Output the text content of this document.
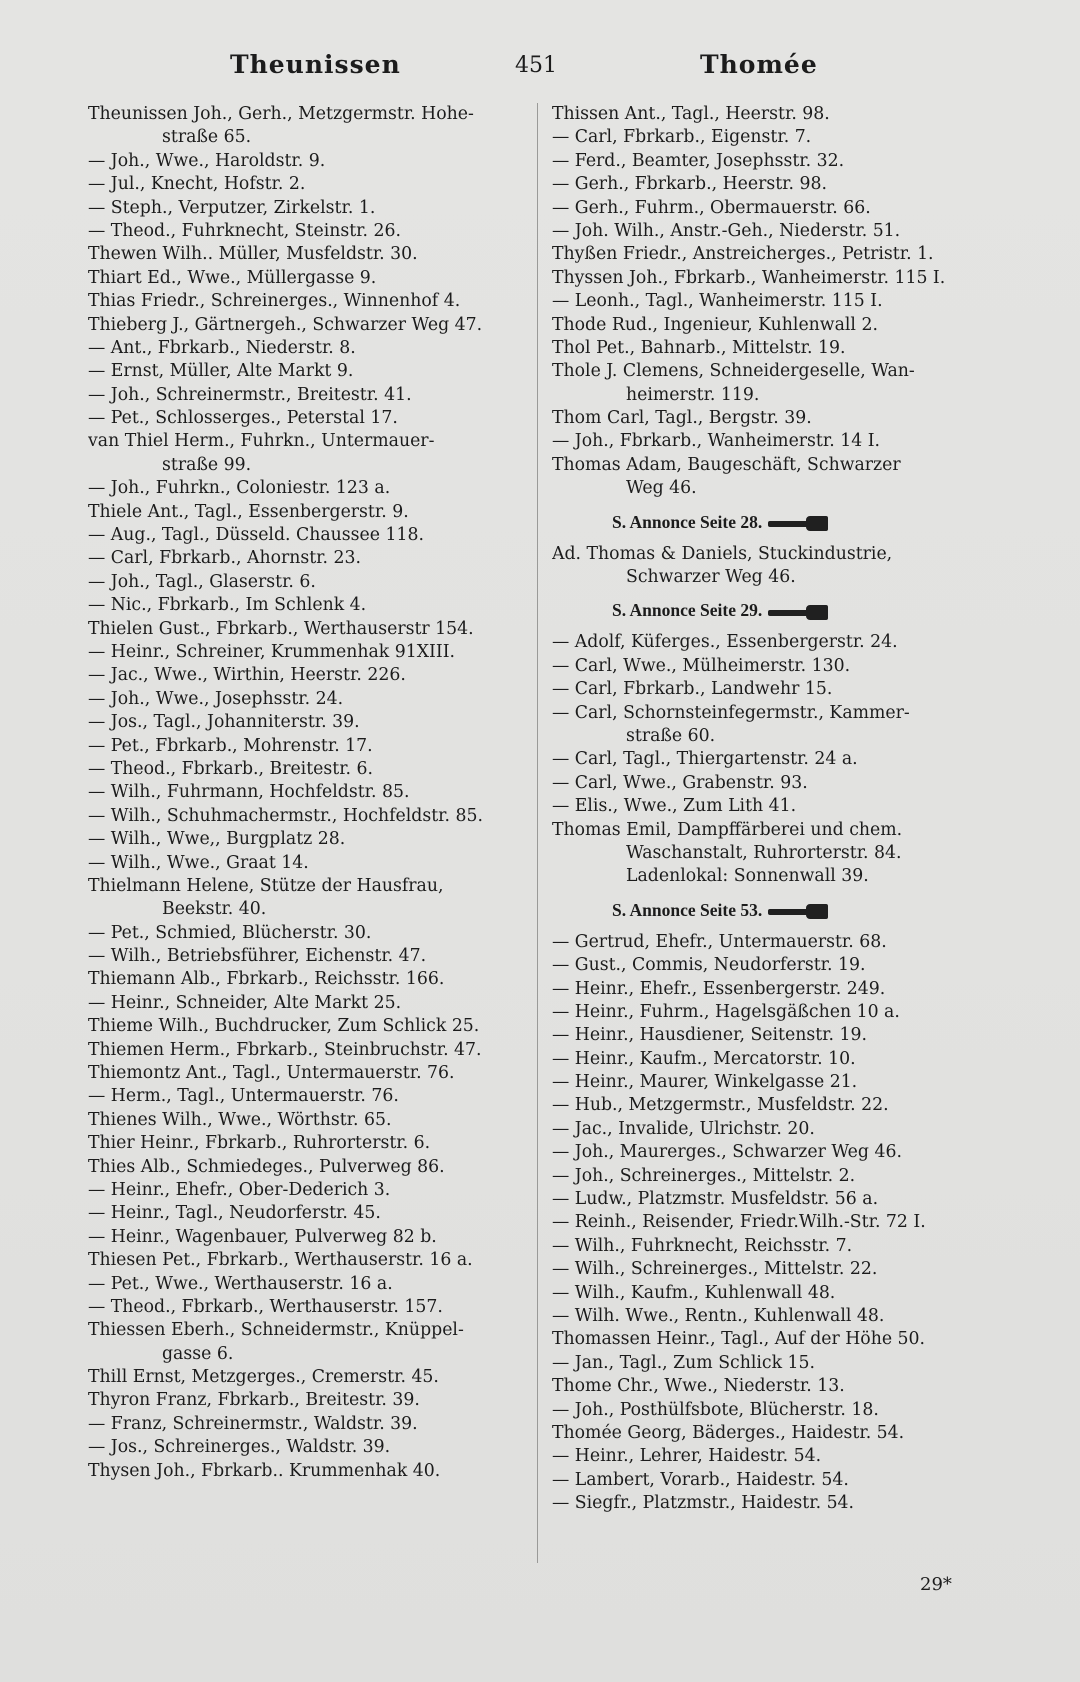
Theunissen	451	Thomée
Theunissen Joh., Gerh., Metzgermstr. Hohe-
straße 65.
— Joh., Wwe., Haroldstr. 9.
— Jul., Knecht, Hofstr. 2.
— Steph., Verputzer, Zirkelstr. 1.
— Theod., Fuhrknecht, Steinstr. 26.
Thewen Wilh.. Müller, Musfeldstr. 30.
Thiart Ed., Wwe., Müllergasse 9.
Thias Friedr., Schreinerges., Winnenhof 4.
Thieberg J., Gärtnergeh., Schwarzer Weg 47.
— Ant., Fbrkarb., Niederstr. 8.
— Ernst, Müller, Alte Markt 9.
— Joh., Schreinermstr., Breitestr. 41.
— Pet., Schlosserges., Peterstal 17.
van Thiel Herm., Fuhrkn., Untermauer-
straße 99.
— Joh., Fuhrkn., Coloniestr. 123 a.
Thiele Ant., Tagl., Essenbergerstr. 9.
— Aug., Tagl., Düsseld. Chaussee 118.
— Carl, Fbrkarb., Ahornstr. 23.
— Joh., Tagl., Glaserstr. 6.
— Nic., Fbrkarb., Im Schlenk 4.
Thielen Gust., Fbrkarb., Werthauserstr 154.
— Heinr., Schreiner, Krummenhak 91XIII.
— Jac., Wwe., Wirthin, Heerstr. 226.
— Joh., Wwe., Josephsstr. 24.
— Jos., Tagl., Johanniterstr. 39.
— Pet., Fbrkarb., Mohrenstr. 17.
— Theod., Fbrkarb., Breitestr. 6.
— Wilh., Fuhrmann, Hochfeldstr. 85.
— Wilh., Schuhmachermstr., Hochfeldstr. 85.
— Wilh., Wwe,, Burgplatz 28.
— Wilh., Wwe., Graat 14.
Thielmann Helene, Stütze der Hausfrau,
Beekstr. 40.
— Pet., Schmied, Blücherstr. 30.
— Wilh., Betriebsführer, Eichenstr. 47.
Thiemann Alb., Fbrkarb., Reichsstr. 166.
— Heinr., Schneider, Alte Markt 25.
Thieme Wilh., Buchdrucker, Zum Schlick 25.
Thiemen Herm., Fbrkarb., Steinbruchstr. 47.
Thiemontz Ant., Tagl., Untermauerstr. 76.
— Herm., Tagl., Untermauerstr. 76.
Thienes Wilh., Wwe., Wörthstr. 65.
Thier Heinr., Fbrkarb., Ruhrorterstr. 6.
Thies Alb., Schmiedeges., Pulverweg 86.
— Heinr., Ehefr., Ober-Dederich 3.
— Heinr., Tagl., Neudorferstr. 45.
— Heinr., Wagenbauer, Pulverweg 82 b.
Thiesen Pet., Fbrkarb., Werthauserstr. 16 a.
— Pet., Wwe., Werthauserstr. 16 a.
— Theod., Fbrkarb., Werthauserstr. 157.
Thiessen Eberh., Schneidermstr., Knüppel-
gasse 6.
Thill Ernst, Metzgerges., Cremerstr. 45.
Thyron Franz, Fbrkarb., Breitestr. 39.
— Franz, Schreinermstr., Waldstr. 39.
— Jos., Schreinerges., Waldstr. 39.
Thysen Joh., Fbrkarb.. Krummenhak 40.
Thissen Ant., Tagl., Heerstr. 98.
— Carl, Fbrkarb., Eigenstr. 7.
— Ferd., Beamter, Josephsstr. 32.
— Gerh., Fbrkarb., Heerstr. 98.
— Gerh., Fuhrm., Obermauerstr. 66.
— Joh. Wilh., Anstr.-Geh., Niederstr. 51.
Thyßen Friedr., Anstreicherges., Petristr. 1.
Thyssen Joh., Fbrkarb., Wanheimerstr. 115 I.
— Leonh., Tagl., Wanheimerstr. 115 I.
Thode Rud., Ingenieur, Kuhlenwall 2.
Thol Pet., Bahnarb., Mittelstr. 19.
Thole J. Clemens, Schneidergeselle, Wan-
heimerstr. 119.
Thom Carl, Tagl., Bergstr. 39.
— Joh., Fbrkarb., Wanheimerstr. 14 I.
Thomas Adam, Baugeschäft, Schwarzer
Weg 46.
S. Annonce Seite 28.
Ad. Thomas & Daniels, Stuckindustrie,
Schwarzer Weg 46.
S. Annonce Seite 29.
— Adolf, Küferges., Essenbergerstr. 24.
— Carl, Wwe., Mülheimerstr. 130.
— Carl, Fbrkarb., Landwehr 15.
— Carl, Schornsteinfegermstr., Kammer-
straße 60.
— Carl, Tagl., Thiergartenstr. 24 a.
— Carl, Wwe., Grabenstr. 93.
— Elis., Wwe., Zum Lith 41.
Thomas Emil, Dampffärberei und chem.
Waschanstalt, Ruhrorterstr. 84.
Ladenlokal: Sonnenwall 39.
S. Annonce Seite 53.
— Gertrud, Ehefr., Untermauerstr. 68.
— Gust., Commis, Neudorferstr. 19.
— Heinr., Ehefr., Essenbergerstr. 249.
— Heinr., Fuhrm., Hagelsgäßchen 10 a.
— Heinr., Hausdiener, Seitenstr. 19.
— Heinr., Kaufm., Mercatorstr. 10.
— Heinr., Maurer, Winkelgasse 21.
— Hub., Metzgermstr., Musfeldstr. 22.
— Jac., Invalide, Ulrichstr. 20.
— Joh., Maurerges., Schwarzer Weg 46.
— Joh., Schreinerges., Mittelstr. 2.
— Ludw., Platzmstr. Musfeldstr. 56 a.
— Reinh., Reisender, Friedr.Wilh.-Str. 72 I.
— Wilh., Fuhrknecht, Reichsstr. 7.
— Wilh., Schreinerges., Mittelstr. 22.
— Wilh., Kaufm., Kuhlenwall 48.
— Wilh. Wwe., Rentn., Kuhlenwall 48.
Thomassen Heinr., Tagl., Auf der Höhe 50.
— Jan., Tagl., Zum Schlick 15.
Thome Chr., Wwe., Niederstr. 13.
— Joh., Posthülfsbote, Blücherstr. 18.
Thomée Georg, Bäderges., Haidestr. 54.
— Heinr., Lehrer, Haidestr. 54.
— Lambert, Vorarb., Haidestr. 54.
— Siegfr., Platzmstr., Haidestr. 54.
29*
